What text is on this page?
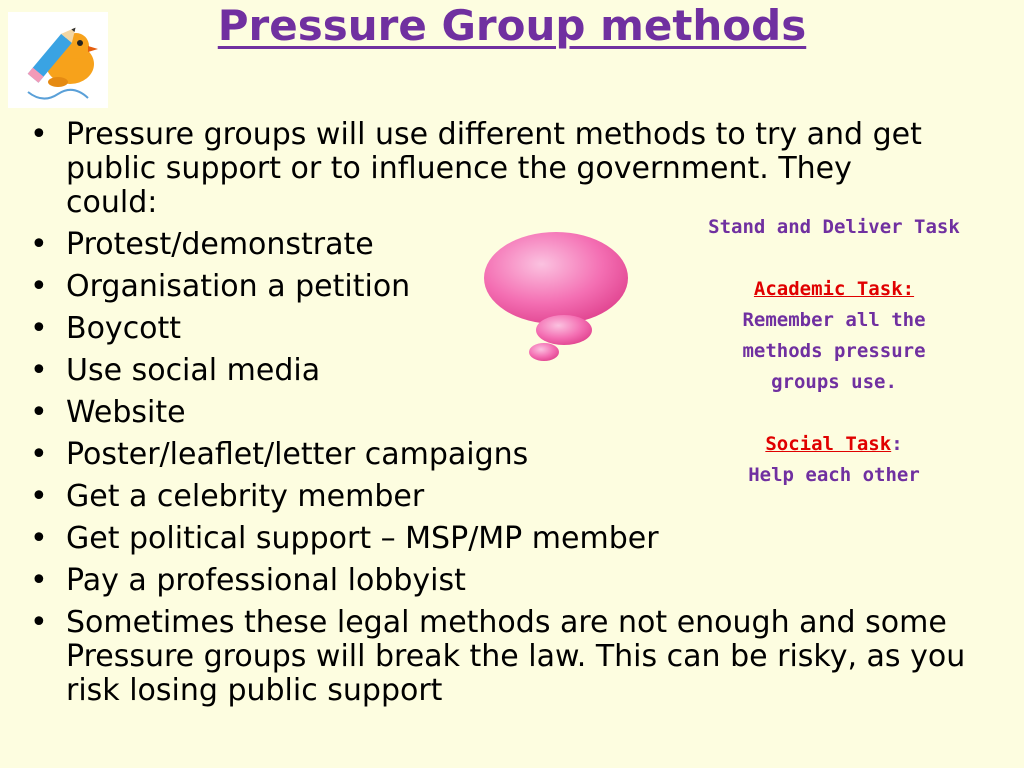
Pressure Group methods
• Pressure groups will use different methods to try and get public support or to influence the government. They could:
• Protest/demonstrate
• Organisation a petition
• Boycott
• Use social media
• Website
• Poster/leaflet/letter campaigns
• Get a celebrity member
• Get political support – MSP/MP member
• Pay a professional lobbyist
• Sometimes these legal methods are not enough and some Pressure groups will break the law. This can be risky, as you risk losing public support
Stand and Deliver Task
Academic Task:
Remember all the
methods pressure
groups use.
Social Task:
Help each other
